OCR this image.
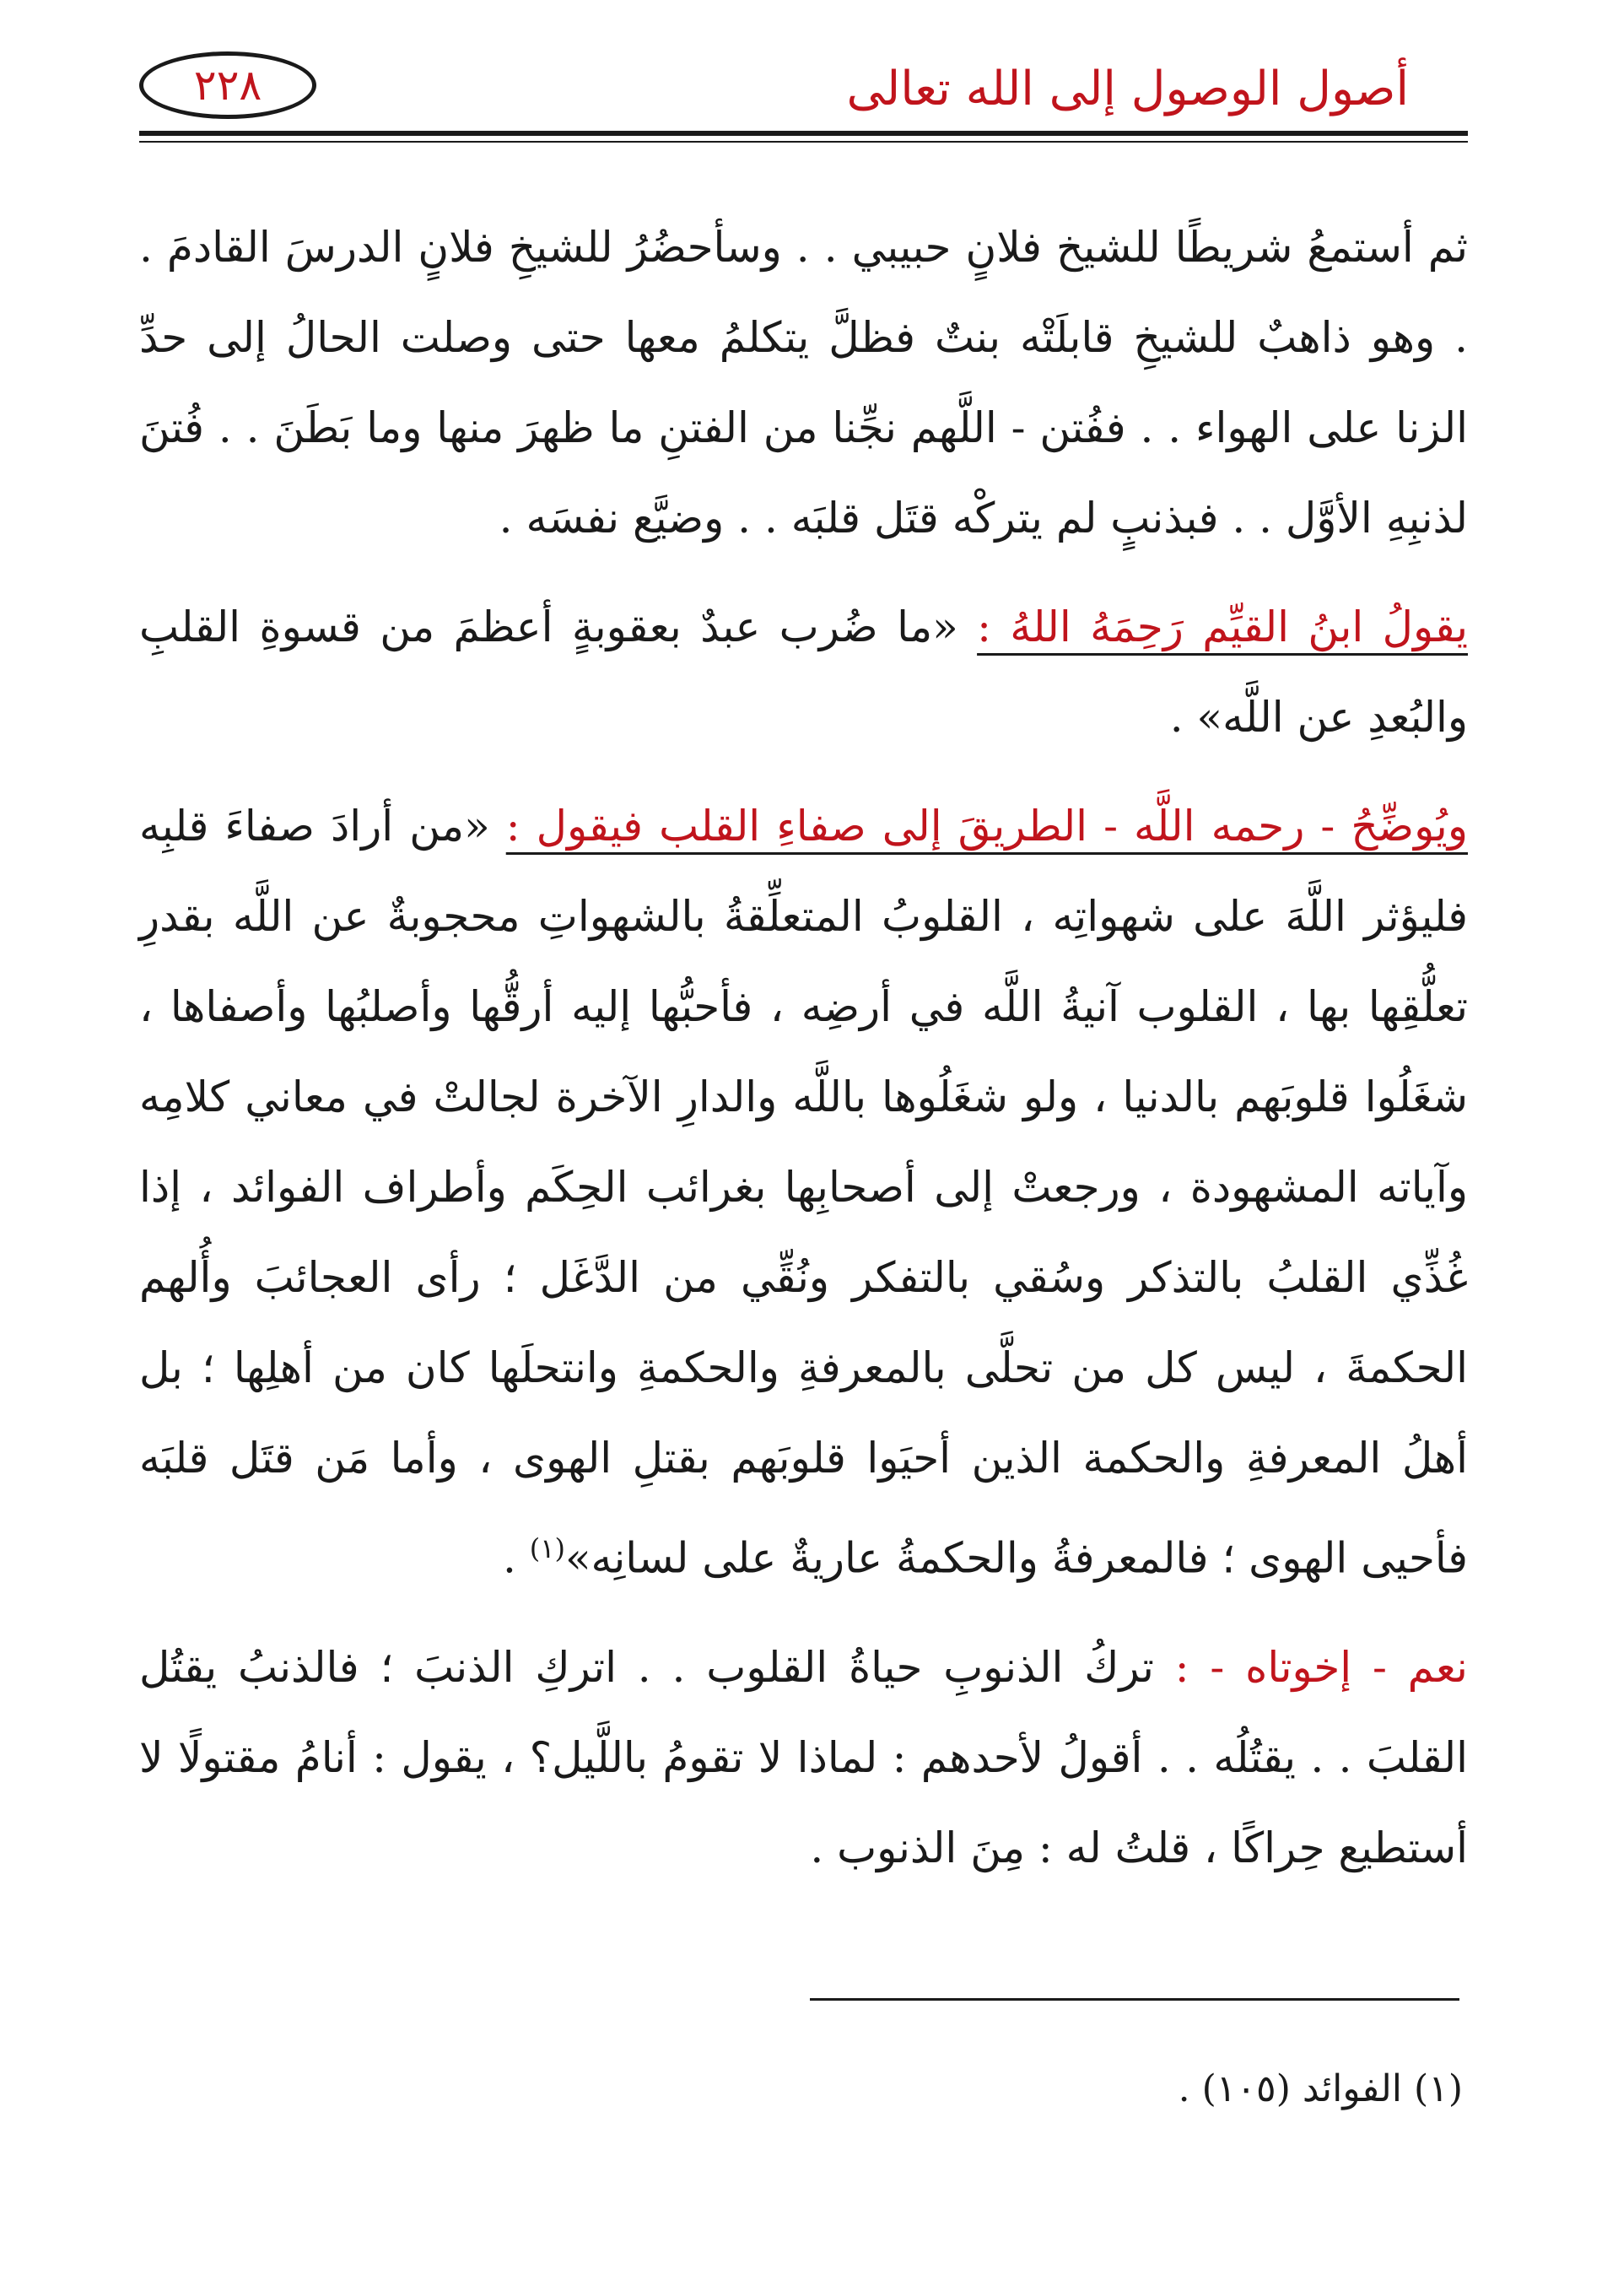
أصول الوصول إلى الله تعالى
٢٢٨

ثم أستمعُ شريطًا للشيخ فلانٍ حبيبي . . وسأحضُرُ للشيخِ فلانٍ الدرسَ القادمَ . . وهو ذاهبٌ للشيخِ قابلَتْه بنتٌ فظلَّ يتكلمُ معها حتى وصلت الحالُ إلى حدِّ الزنا على الهواء . . ففُتن - اللَّهم نجِّنا من الفتنِ ما ظهرَ منها وما بَطَنَ . . فُتنَ لذنبِهِ الأوَّل . . فبذنبٍ لم يتركْه قتَل قلبَه . . وضيَّع نفسَه .

يقولُ ابنُ القيِّم رَحِمَهُ اللهُ : «ما ضُرب عبدٌ بعقوبةٍ أعظمَ من قسوةِ القلبِ والبُعدِ عن اللَّه» .

ويُوضِّحُ - رحمه اللَّه - الطريقَ إلى صفاءِ القلب فيقول : «من أرادَ صفاءَ قلبِه فليؤثر اللَّهَ على شهواتِه ، القلوبُ المتعلِّقةُ بالشهواتِ محجوبةٌ عن اللَّه بقدرِ تعلُّقِها بها ، القلوب آنيةُ اللَّه في أرضِه ، فأحبُّها إليه أرقُّها وأصلبُها وأصفاها ، شغَلُوا قلوبَهم بالدنيا ، ولو شغَلُوها باللَّه والدارِ الآخرة لجالتْ في معاني كلامِه وآياته المشهودة ، ورجعتْ إلى أصحابِها بغرائب الحِكَم وأطراف الفوائد ، إذا غُذِّي القلبُ بالتذكر وسُقي بالتفكر ونُقِّي من الدَّغَل ؛ رأى العجائبَ وأُلهم الحكمةَ ، ليس كل من تحلَّى بالمعرفةِ والحكمةِ وانتحلَها كان من أهلِها ؛ بل أهلُ المعرفةِ والحكمة الذين أحيَوا قلوبَهم بقتلِ الهوى ، وأما مَن قتَل قلبَه فأحيى الهوى ؛ فالمعرفةُ والحكمةُ عاريةٌ على لسانِه»$^{(١)}$ .

نعم - إخوتاه - : تركُ الذنوبِ حياةُ القلوب . . اتركِ الذنبَ ؛ فالذنبُ يقتُل القلبَ . . يقتُلُه . . أقولُ لأحدهم : لماذا لا تقومُ باللَّيل؟ ، يقول : أنامُ مقتولًا لا أستطيع حِراكًا ، قلتُ له : مِنَ الذنوب .

(١) الفوائد (١٠٥) .
